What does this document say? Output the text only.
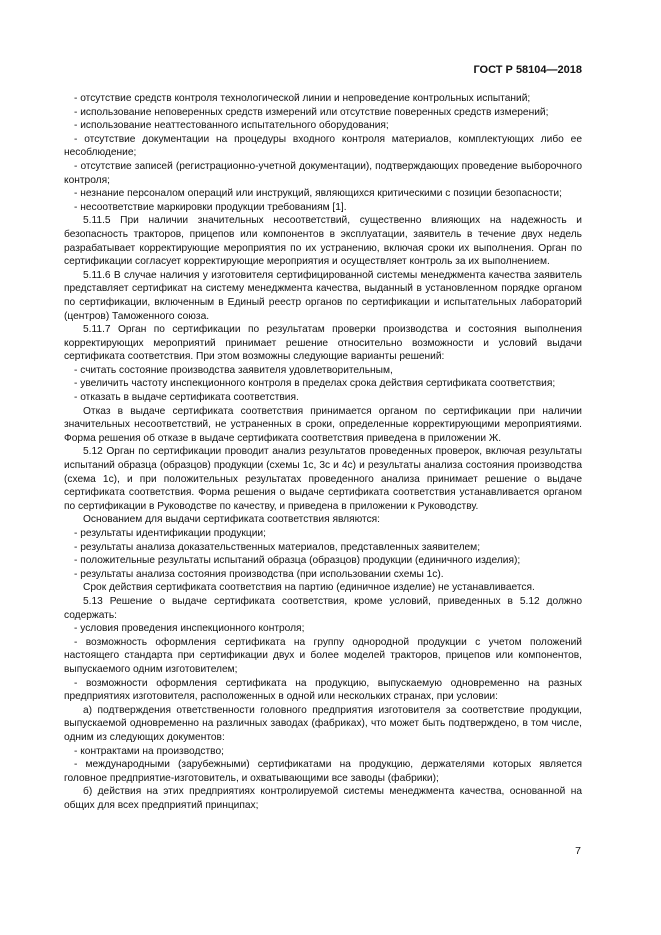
ГОСТ Р 58104—2018

- отсутствие средств контроля технологической линии и непроведение контрольных испытаний;

- использование неповеренных средств измерений или отсутствие поверенных средств измерений;

- использование неаттестованного испытательного оборудования;

- отсутствие документации на процедуры входного контроля материалов, комплектующих либо ее несоблюдение;

- отсутствие записей (регистрационно-учетной документации), подтверждающих проведение выборочного контроля;

- незнание персоналом операций или инструкций, являющихся критическими с позиции безопасности;

- несоответствие маркировки продукции требованиям [1].

5.11.5 При наличии значительных несоответствий, существенно влияющих на надежность и безопасность тракторов, прицепов или компонентов в эксплуатации, заявитель в течение двух недель разрабатывает корректирующие мероприятия по их устранению, включая сроки их выполнения. Орган по сертификации согласует корректирующие мероприятия и осуществляет контроль за их выполнением.

5.11.6 В случае наличия у изготовителя сертифицированной системы менеджмента качества заявитель представляет сертификат на систему менеджмента качества, выданный в установленном порядке органом по сертификации, включенным в Единый реестр органов по сертификации и испытательных лабораторий (центров) Таможенного союза.

5.11.7 Орган по сертификации по результатам проверки производства и состояния выполнения корректирующих мероприятий принимает решение относительно возможности и условий выдачи сертификата соответствия. При этом возможны следующие варианты решений:

- считать состояние производства заявителя удовлетворительным,

- увеличить частоту инспекционного контроля в пределах срока действия сертификата соответствия;

- отказать в выдаче сертификата соответствия.

Отказ в выдаче сертификата соответствия принимается органом по сертификации при наличии значительных несоответствий, не устраненных в сроки, определенные корректирующими мероприятиями. Форма решения об отказе в выдаче сертификата соответствия приведена в приложении Ж.

5.12 Орган по сертификации проводит анализ результатов проведенных проверок, включая результаты испытаний образца (образцов) продукции (схемы 1с, 3с и 4с) и результаты анализа состояния производства (схема 1с), и при положительных результатах проведенного анализа принимает решение о выдаче сертификата соответствия. Форма решения о выдаче сертификата соответствия устанавливается органом по сертификации в Руководстве по качеству, и приведена в приложении к Руководству.

Основанием для выдачи сертификата соответствия являются:

- результаты идентификации продукции;

- результаты анализа доказательственных материалов, представленных заявителем;

- положительные результаты испытаний образца (образцов) продукции (единичного изделия);

- результаты анализа состояния производства (при использовании схемы 1с).

Срок действия сертификата соответствия на партию (единичное изделие) не устанавливается.

5.13 Решение о выдаче сертификата соответствия, кроме условий, приведенных в 5.12 должно содержать:

- условия проведения инспекционного контроля;

- возможность оформления сертификата на группу однородной продукции с учетом положений настоящего стандарта при сертификации двух и более моделей тракторов, прицепов или компонентов, выпускаемого одним изготовителем;

- возможности оформления сертификата на продукцию, выпускаемую одновременно на разных предприятиях изготовителя, расположенных в одной или нескольких странах, при условии:

а) подтверждения ответственности головного предприятия изготовителя за соответствие продукции, выпускаемой одновременно на различных заводах (фабриках), что может быть подтверждено, в том числе, одним из следующих документов:

- контрактами на производство;

- международными (зарубежными) сертификатами на продукцию, держателями которых является головное предприятие-изготовитель, и охватывающими все заводы (фабрики);

б) действия на этих предприятиях контролируемой системы менеджмента качества, основанной на общих для всех предприятий принципах;

7
